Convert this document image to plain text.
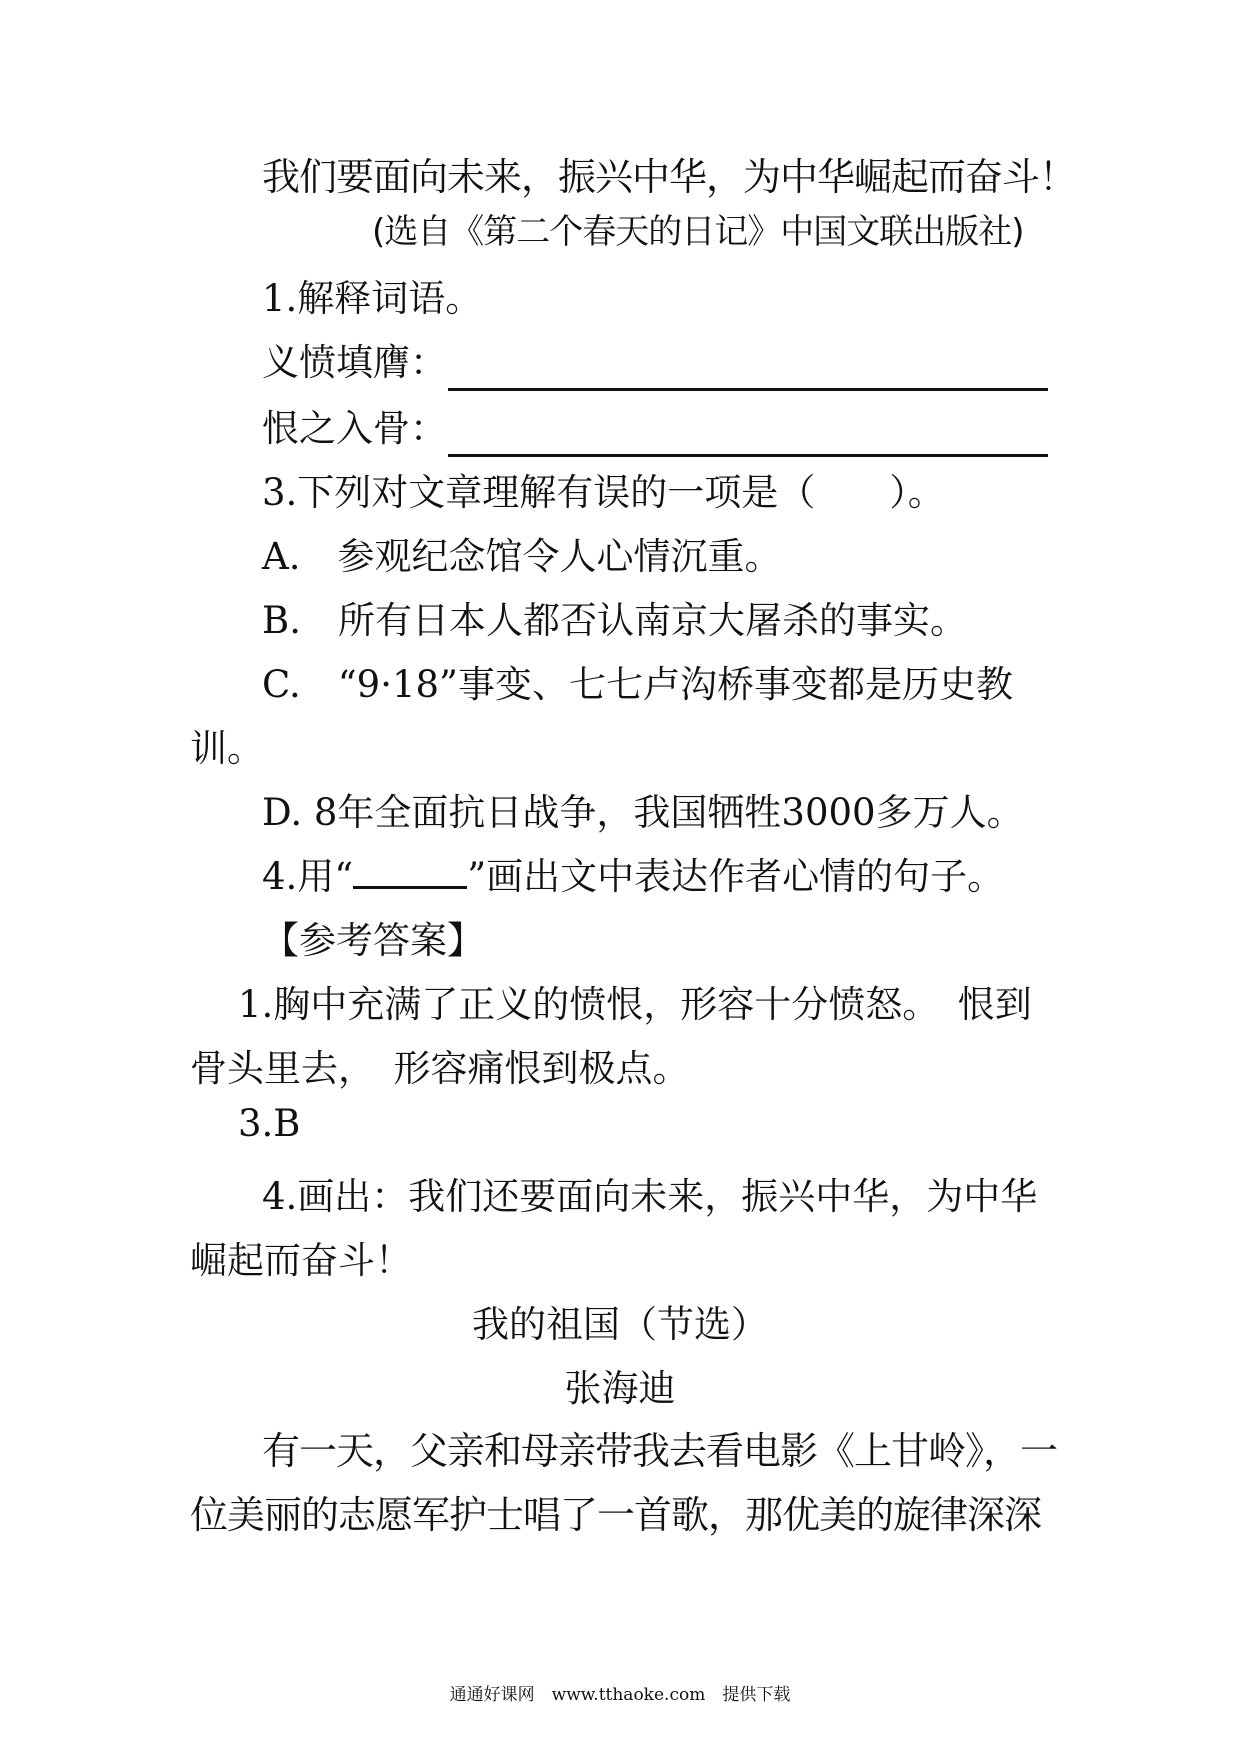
我们要面向未来，振兴中华，为中华崛起而奋斗！
(选自《第二个春天的日记》中国文联出版社)
1.解释词语。
义愤填膺：
恨之入骨：
3.下列对文章理解有误的一项是（　　）。
A.　参观纪念馆令人心情沉重。
B.　所有日本人都否认南京大屠杀的事实。
C.　“9·18”事变、七七卢沟桥事变都是历史教
训。
D. 8年全面抗日战争，我国牺牲3000多万人。
4.用“	”画出文中表达作者心情的句子。
【参考答案】
1.胸中充满了正义的愤恨，形容十分愤怒。　恨到
骨头里去，　形容痛恨到极点。
3.B
4.画出：我们还要面向未来，振兴中华，为中华
崛起而奋斗！
我的祖国（节选）
张海迪
有一天，父亲和母亲带我去看电影《上甘岭》，一
位美丽的志愿军护士唱了一首歌，那优美的旋律深深
通通好课网　www.tthaoke.com　提供下载
